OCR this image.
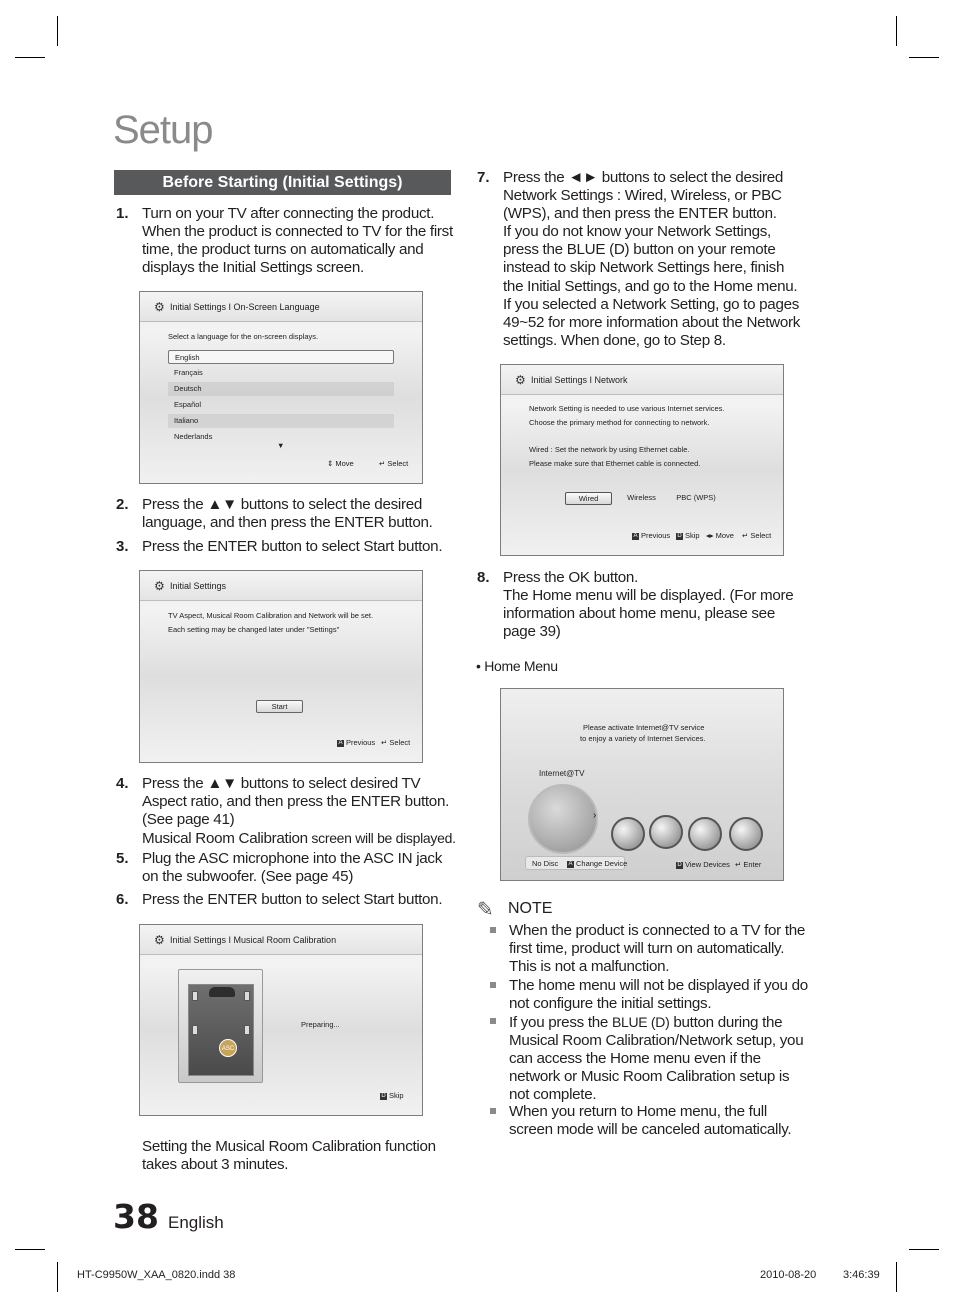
Setup
Before Starting (Initial Settings)
1. Turn on your TV after connecting the product.
When the product is connected to TV for the first
time, the product turns on automatically and
displays the Initial Settings screen.
⚙ Initial Settings I On-Screen Language
Select a language for the on-screen displays.
English
Français
Deutsch
Español
Italiano
Nederlands
▼
⇕ Move	↵ Select
2. Press the ▲▼ buttons to select the desired
language, and then press the ENTER button.
3. Press the ENTER button to select Start button.
⚙ Initial Settings
TV Aspect, Musical Room Calibration and Network will be set.
Each setting may be changed later under "Settings"
Start
A Previous ↵ Select
4. Press the ▲▼ buttons to select desired TV
Aspect ratio, and then press the ENTER button.
(See page 41)
Musical Room Calibration screen will be displayed.
5. Plug the ASC microphone into the ASC IN jack
on the subwoofer. (See page 45)
6. Press the ENTER button to select Start button.
⚙ Initial Settings I Musical Room Calibration
ASC
Preparing...
D Skip
Setting the Musical Room Calibration function
takes about 3 minutes.
7. Press the ◄► buttons to select the desired
Network Settings : Wired, Wireless, or PBC
(WPS), and then press the ENTER button.
If you do not know your Network Settings,
press the BLUE (D) button on your remote
instead to skip Network Settings here, finish
the Initial Settings, and go to the Home menu.
If you selected a Network Setting, go to pages
49~52 for more information about the Network
settings. When done, go to Step 8.
⚙ Initial Settings I Network
Network Setting is needed to use various Internet services.
Choose the primary method for connecting to network.
Wired : Set the network by using Ethernet cable.
Please make sure that Ethernet cable is connected.
Wired	Wireless	PBC (WPS)
A Previous D Skip ◂▸ Move ↵ Select
8. Press the OK button.
The Home menu will be displayed. (For more
information about home menu, please see
page 39)
• Home Menu
Please activate Internet@TV service
to enjoy a variety of Internet Services.
Internet@TV
›
No Disc A Change Device	D View Devices ↵ Enter
✎ NOTE
When the product is connected to a TV for the
first time, product will turn on automatically.
This is not a malfunction.
The home menu will not be displayed if you do
not configure the initial settings.
If you press the BLUE (D) button during the
Musical Room Calibration/Network setup, you
can access the Home menu even if the
network or Music Room Calibration setup is
not complete.
When you return to Home menu, the full
screen mode will be canceled automatically.
38 English
HT-C9950W_XAA_0820.indd 38	2010-08-20 3:46:39
